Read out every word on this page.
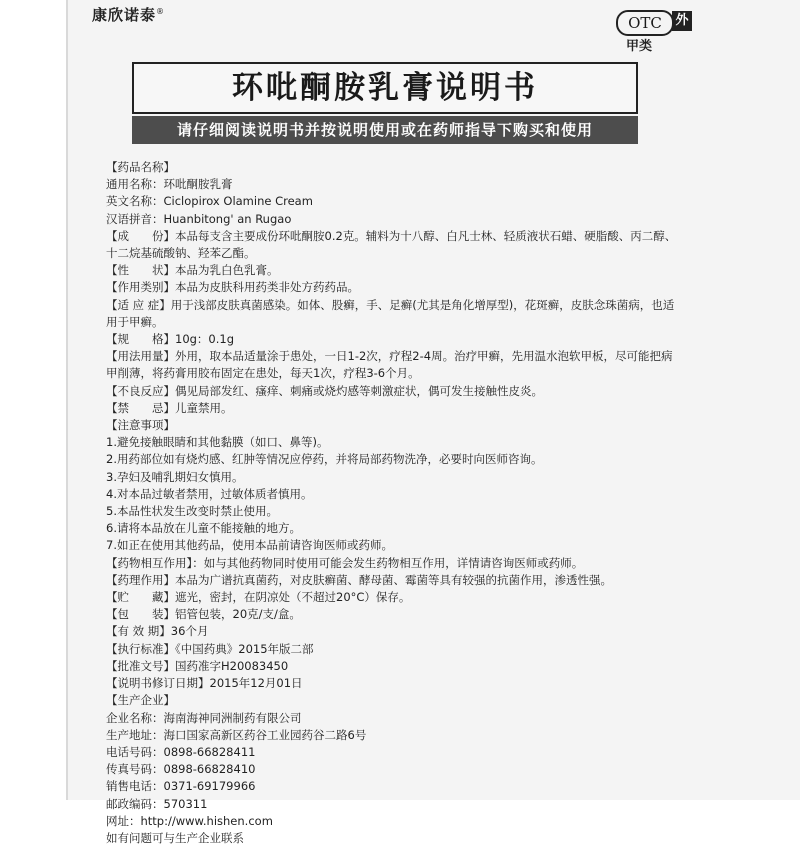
康欣诺泰®
OTC	外
甲类
环吡酮胺乳膏说明书
请仔细阅读说明书并按说明使用或在药师指导下购买和使用
【药品名称】
通用名称：环吡酮胺乳膏
英文名称：Ciclopirox Olamine Cream
汉语拼音：Huanbitong' an Rugao
【成　　份】本品每支含主要成份环吡酮胺0.2克。辅料为十八醇、白凡士林、轻质液状石蜡、硬脂酸、丙二醇、
十二烷基硫酸钠、羟苯乙酯。
【性　　状】本品为乳白色乳膏。
【作用类别】本品为皮肤科用药类非处方药药品。
【适 应 症】用于浅部皮肤真菌感染。如体、股癣，手、足癣(尤其是角化增厚型)，花斑癣，皮肤念珠菌病，也适
用于甲癣。
【规　　格】10g：0.1g
【用法用量】外用，取本品适量涂于患处，一日1-2次，疗程2-4周。治疗甲癣，先用温水泡软甲板，尽可能把病
甲削薄，将药膏用胶布固定在患处，每天1次，疗程3-6个月。
【不良反应】偶见局部发红、瘙痒、刺痛或烧灼感等刺激症状，偶可发生接触性皮炎。
【禁　　忌】儿童禁用。
【注意事项】
1.避免接触眼睛和其他黏膜（如口、鼻等)。
2.用药部位如有烧灼感、红肿等情况应停药，并将局部药物洗净，必要时向医师咨询。
3.孕妇及哺乳期妇女慎用。
4.对本品过敏者禁用，过敏体质者慎用。
5.本品性状发生改变时禁止使用。
6.请将本品放在儿童不能接触的地方。
7.如正在使用其他药品，使用本品前请咨询医师或药师。
【药物相互作用】：如与其他药物同时使用可能会发生药物相互作用，详情请咨询医师或药师。
【药理作用】本品为广谱抗真菌药，对皮肤癣菌、酵母菌、霉菌等具有较强的抗菌作用，渗透性强。
【贮　　藏】遮光，密封，在阴凉处（不超过20°C）保存。
【包　　装】铝管包装，20克/支/盒。
【有 效 期】36个月
【执行标准】《中国药典》2015年版二部
【批准文号】国药准字H20083450
【说明书修订日期】2015年12月01日
【生产企业】
企业名称：海南海神同洲制药有限公司
生产地址：海口国家高新区药谷工业园药谷二路6号
电话号码：0898-66828411
传真号码：0898-66828410
销售电话：0371-69179966
邮政编码：570311
网址：http://www.hishen.com
如有问题可与生产企业联系
